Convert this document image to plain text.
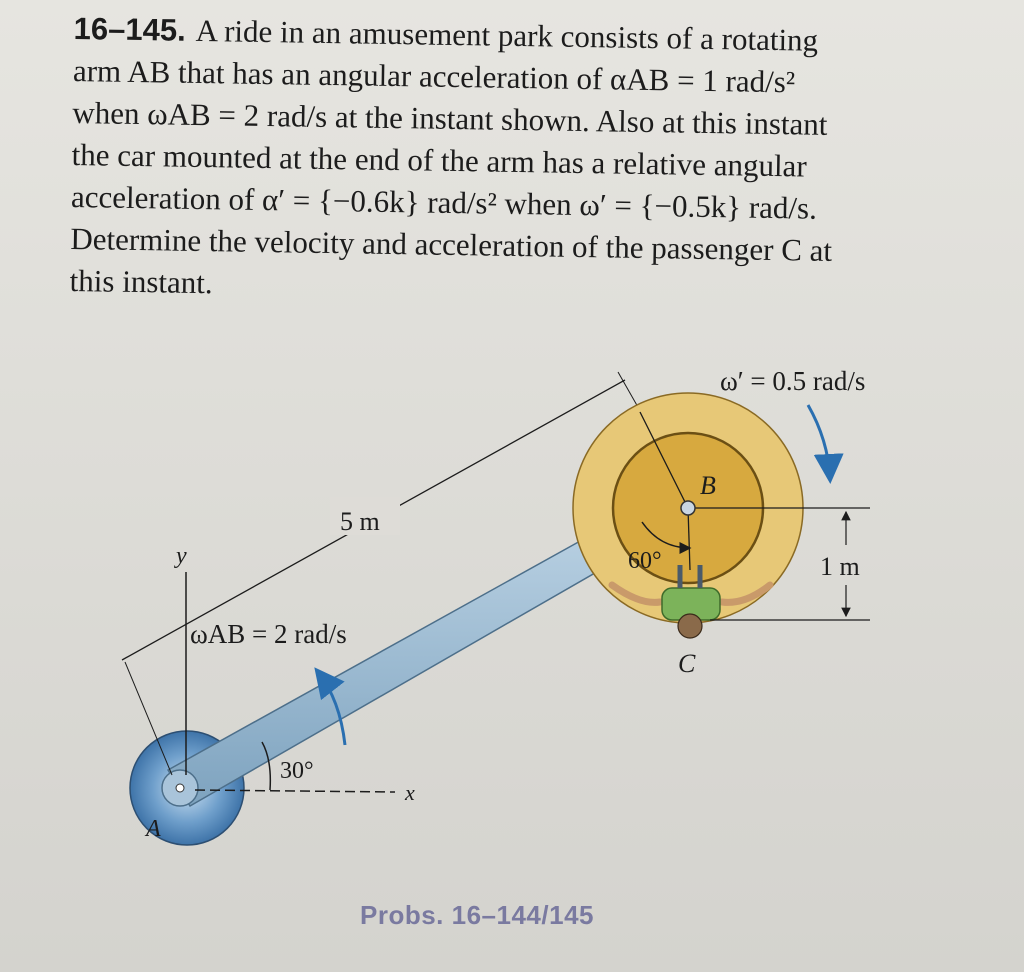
16–145. A ride in an amusement park consists of a rotating
arm AB that has an angular acceleration of αAB = 1 rad/s²
when ωAB = 2 rad/s at the instant shown. Also at this instant
the car mounted at the end of the arm has a relative angular
acceleration of α′ = {−0.6k} rad/s² when ω′ = {−0.5k} rad/s.
Determine the velocity and acceleration of the passenger C at
this instant.
x
y
30°
A
ωAB = 2 rad/s
5 m
B
60°
C
ω′ = 0.5 rad/s
1 m
Probs. 16–144/145
